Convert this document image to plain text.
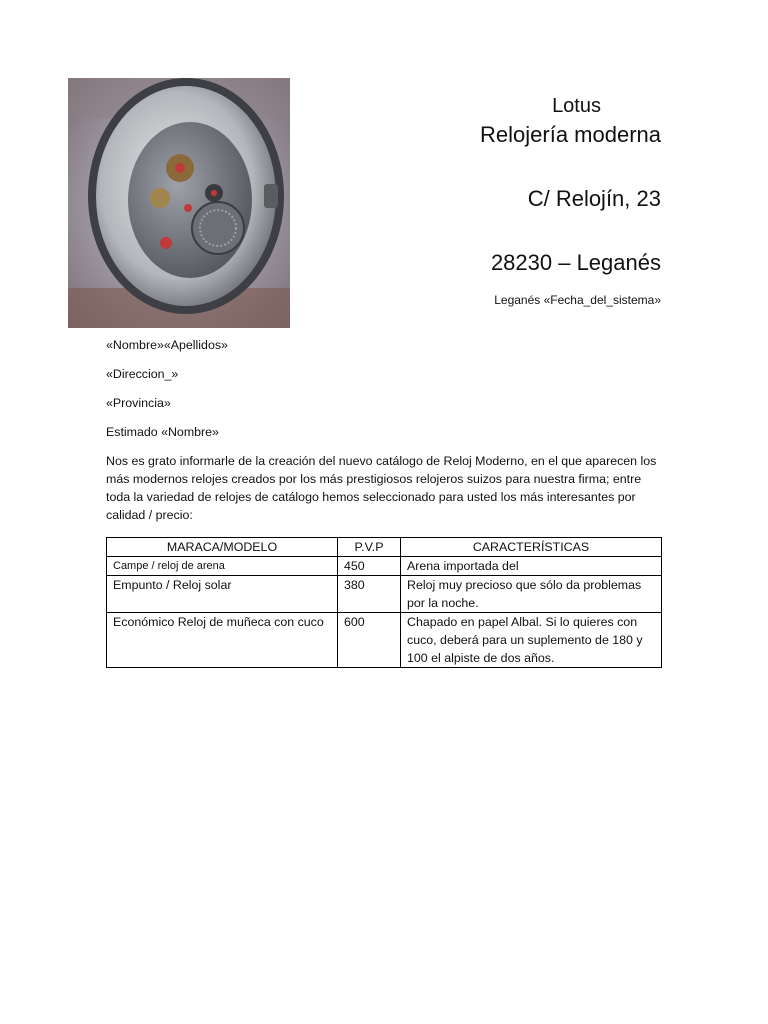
Lotus
Relojería moderna
C/ Relojín, 23
28230 – Leganés
Leganés «Fecha_del_sistema»

«Nombre»«Apellidos»

«Direccion_»

«Provincia»

Estimado «Nombre»

Nos es grato informarle de la creación del nuevo catálogo de Reloj Moderno, en el que aparecen los más modernos relojes creados por los más prestigiosos relojeros suizos para nuestra firma; entre toda la variedad de relojes de catálogo hemos seleccionado para usted los más interesantes por calidad / precio:

MARACA/MODELO	P.V.P	CARACTERÍSTICAS
Campe / reloj de arena	450	Arena importada del
Empunto / Reloj solar	380	Reloj muy precioso que sólo da problemas por la noche.
Económico Reloj de muñeca con cuco	600	Chapado en papel Albal. Si lo quieres con cuco, deberá para un suplemento de 180 y 100 el alpiste de dos años.
